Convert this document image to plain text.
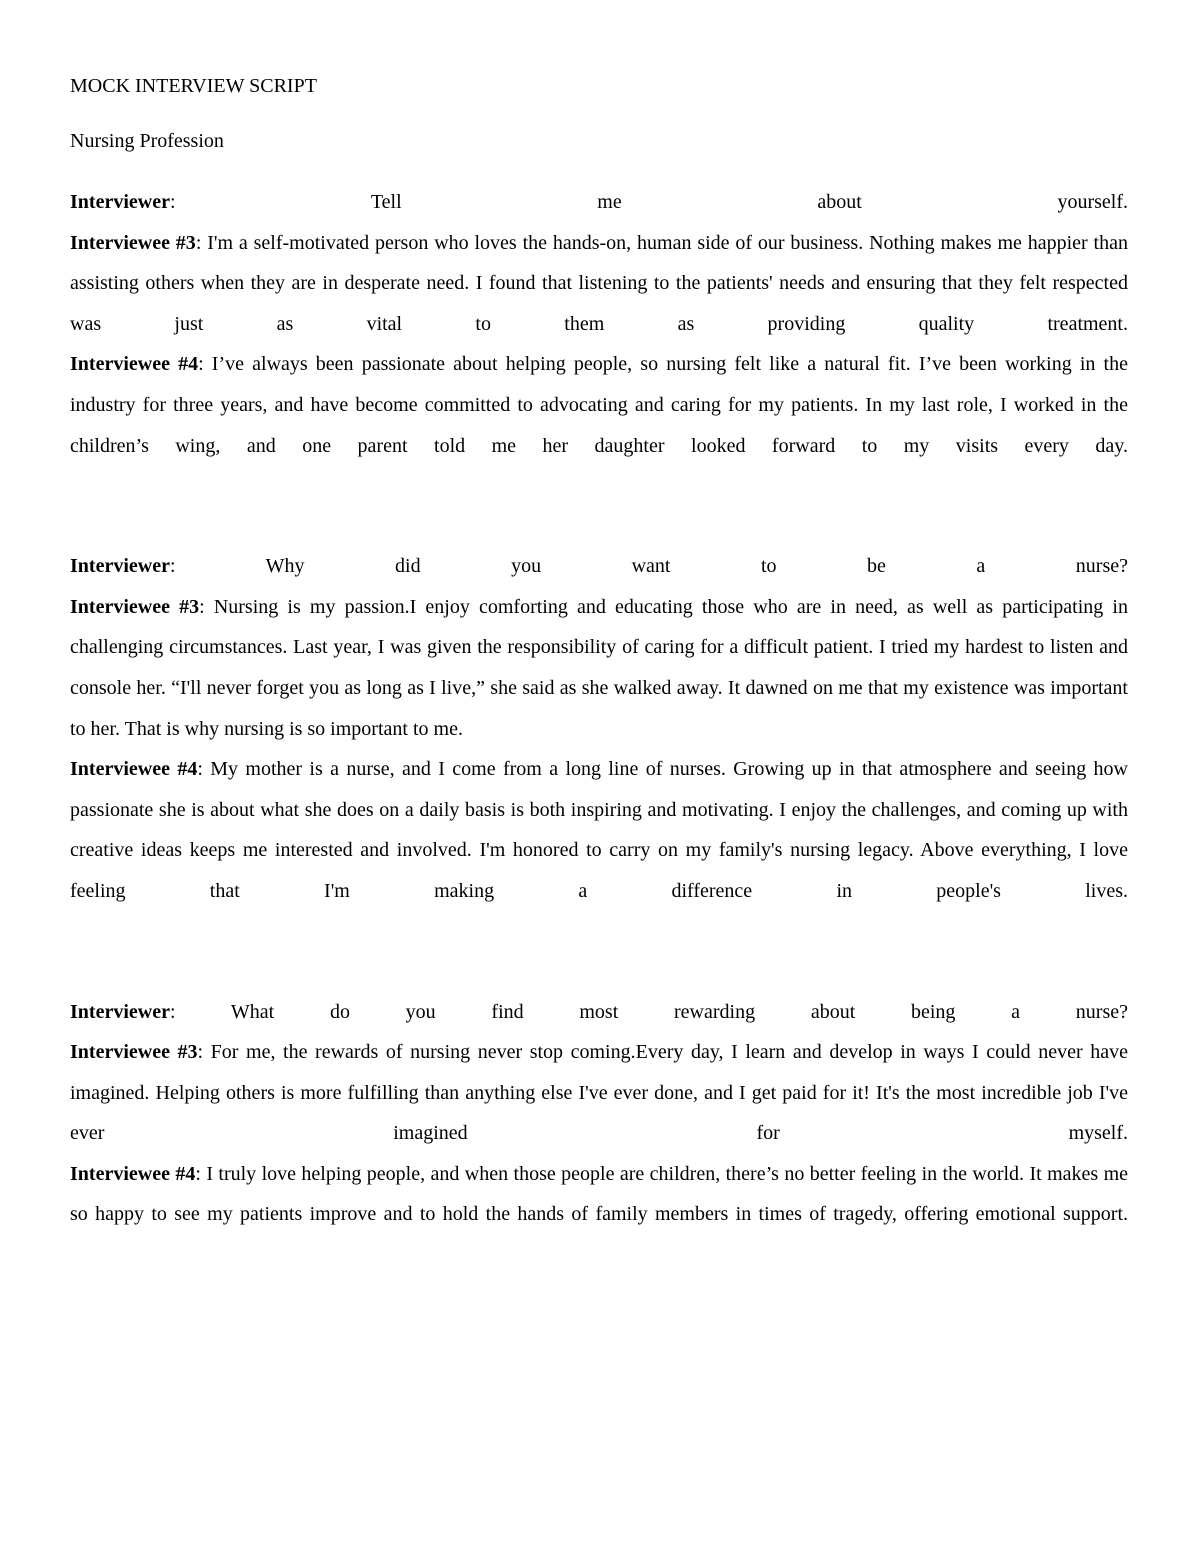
MOCK INTERVIEW SCRIPT

Nursing Profession

Interviewer: Tell me about yourself.

Interviewee #3: I'm a self-motivated person who loves the hands-on, human side of our business. Nothing makes me happier than assisting others when they are in desperate need. I found that listening to the patients' needs and ensuring that they felt respected was just as vital to them as providing quality treatment.

Interviewee #4: I’ve always been passionate about helping people, so nursing felt like a natural fit. I’ve been working in the industry for three years, and have become committed to advocating and caring for my patients. In my last role, I worked in the children’s wing, and one parent told me her daughter looked forward to my visits every day.

Interviewer: Why did you want to be a nurse?

Interviewee #3: Nursing is my passion.I enjoy comforting and educating those who are in need, as well as participating in challenging circumstances. Last year, I was given the responsibility of caring for a difficult patient. I tried my hardest to listen and console her. “I'll never forget you as long as I live,” she said as she walked away. It dawned on me that my existence was important to her. That is why nursing is so important to me.

Interviewee #4: My mother is a nurse, and I come from a long line of nurses. Growing up in that atmosphere and seeing how passionate she is about what she does on a daily basis is both inspiring and motivating. I enjoy the challenges, and coming up with creative ideas keeps me interested and involved. I'm honored to carry on my family's nursing legacy. Above everything, I love feeling that I'm making a difference in people's lives.

Interviewer: What do you find most rewarding about being a nurse?

Interviewee #3: For me, the rewards of nursing never stop coming.Every day, I learn and develop in ways I could never have imagined. Helping others is more fulfilling than anything else I've ever done, and I get paid for it! It's the most incredible job I've ever imagined for myself.

Interviewee #4: I truly love helping people, and when those people are children, there’s no better feeling in the world. It makes me so happy to see my patients improve and to hold the hands of family members in times of tragedy, offering emotional support.
